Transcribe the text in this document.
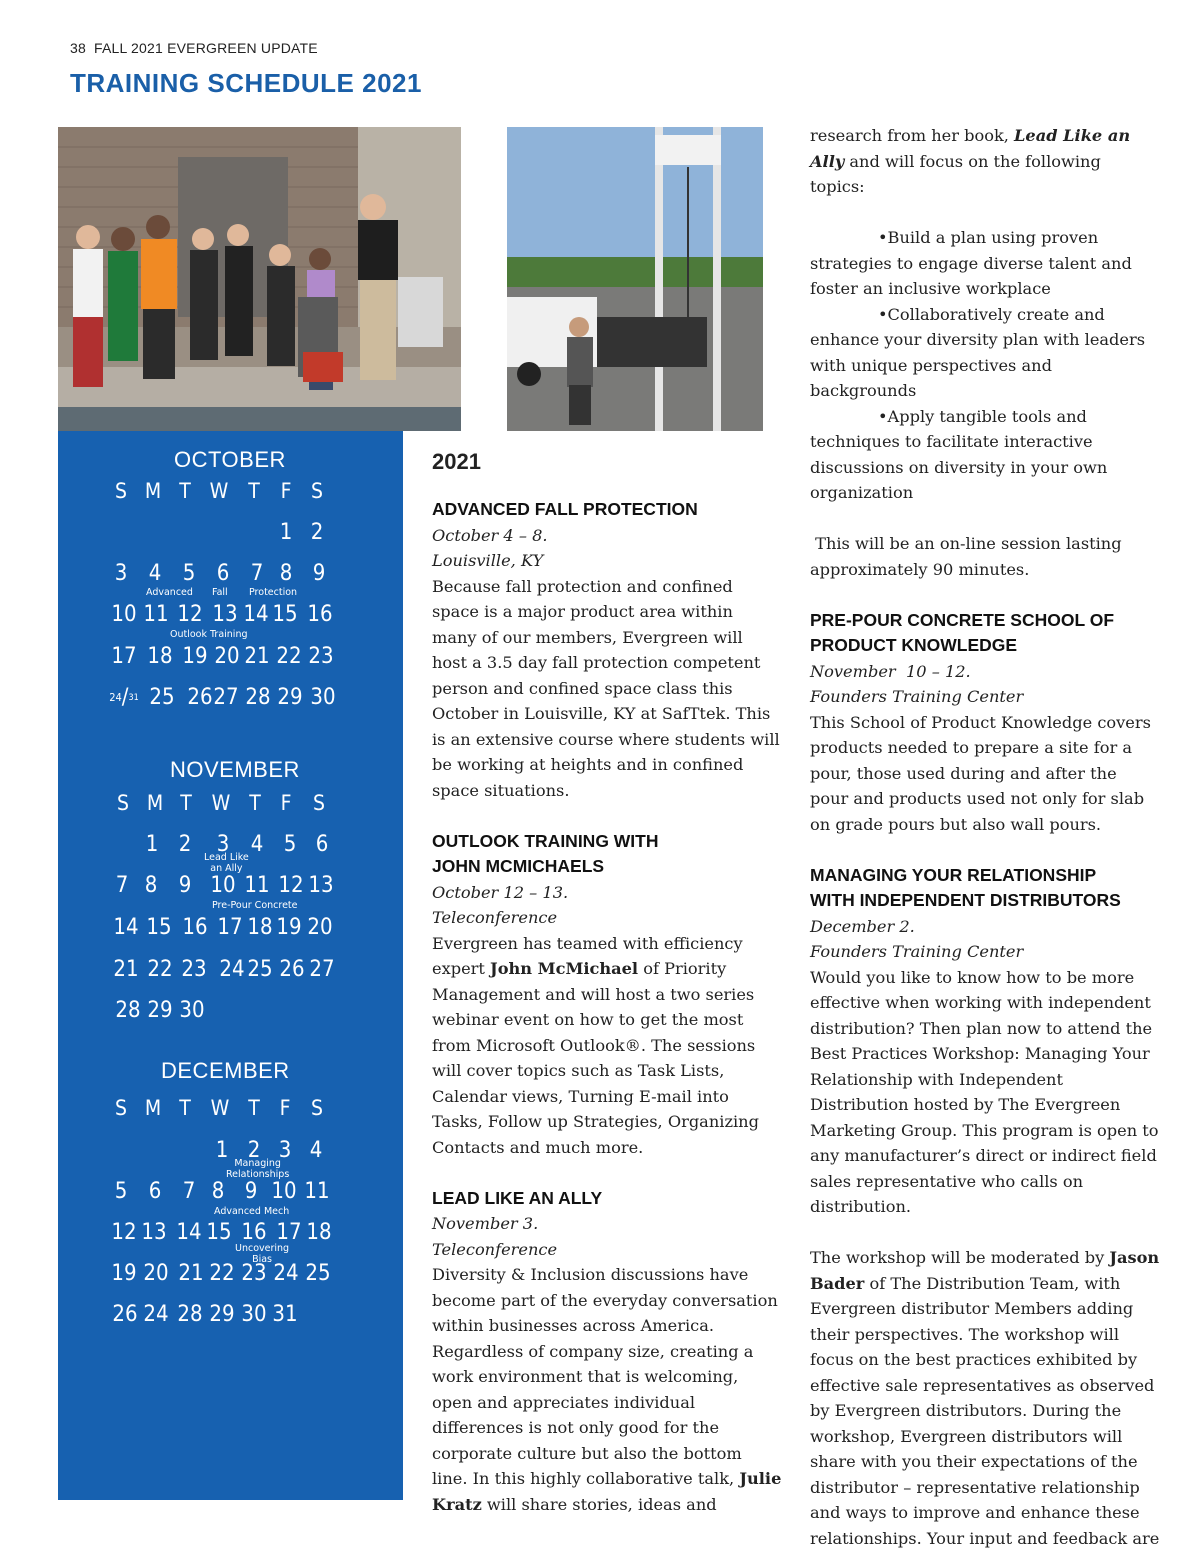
38 FALL 2021 EVERGREEN UPDATE
TRAINING SCHEDULE 2021
OCTOBER
S M T W T F S
1 2
3 4 5 6 7 8 9
Advanced Fall Protection
10 11 12 13 14 15 16
Outlook Training
17 18 19 20 21 22 23
$^{24}$/31 25 26 27 28 29 30
NOVEMBER
S M T W T F	S
1 2	3 4 5 6
Lead Like
an Ally
7 8 9 10 11 12 13
Pre-Pour Concrete
14 15 16 17 18 19 20
21 22 23 24 25 26 27
28 29 30
DECEMBER
S M T W T F S
1 2 3 4
Managing
Relationships
5 6 7 8 9 10 11
Advanced Mech
12 13 14 15 16 17 18
Uncovering
Bias
19 20 21 22 23 24 25
26 24 28 29 30 31
2021
ADVANCED FALL PROTECTION

October 4 – 8.

Louisville, KY

Because fall protection and confined space is a major product area within many of our members, Evergreen will host a 3.5 day fall protection competent person and confined space class this October in Louisville, KY at SafTtek. This is an extensive course where students will be working at heights and in confined space situations.

OUTLOOK TRAINING WITH
JOHN MCMICHAELS

October 12 – 13.

Teleconference

Evergreen has teamed with efficiency expert John McMichael of Priority Management and will host a two series webinar event on how to get the most from Microsoft Outlook®. The sessions will cover topics such as Task Lists, Calendar views, Turning E-mail into Tasks, Follow up Strategies, Organizing Contacts and much more.

LEAD LIKE AN ALLY

November 3.

Teleconference

Diversity & Inclusion discussions have become part of the everyday conversation within businesses across America. Regardless of company size, creating a work environment that is welcoming, open and appreciates individual differences is not only good for the corporate culture but also the bottom line. In this highly collaborative talk, Julie Kratz will share stories, ideas and

research from her book, Lead Like an Ally and will focus on the following topics:

•Build a plan using proven strategies to engage diverse talent and foster an inclusive workplace

•Collaboratively create and enhance your diversity plan with leaders with unique perspectives and backgrounds

•Apply tangible tools and techniques to facilitate interactive discussions on diversity in your own organization

This will be an on-line session lasting approximately 90 minutes.

PRE-POUR CONCRETE SCHOOL OF
PRODUCT KNOWLEDGE

November  10 – 12.

Founders Training Center

This School of Product Knowledge covers products needed to prepare a site for a pour, those used during and after the pour and products used not only for slab on grade pours but also wall pours.

MANAGING YOUR RELATIONSHIP
WITH INDEPENDENT DISTRIBUTORS

December 2.

Founders Training Center

Would you like to know how to be more effective when working with independent distribution? Then plan now to attend the Best Practices Workshop: Managing Your Relationship with Independent Distribution hosted by The Evergreen Marketing Group. This program is open to any manufacturer’s direct or indirect field sales representative who calls on distribution.

The workshop will be moderated by Jason Bader of The Distribution Team, with Evergreen distributor Members adding their perspectives. The workshop will focus on the best practices exhibited by effective sale representatives as observed by Evergreen distributors. During the workshop, Evergreen distributors will share with you their expectations of the distributor – representative relationship and ways to improve and enhance these relationships. Your input and feedback are
